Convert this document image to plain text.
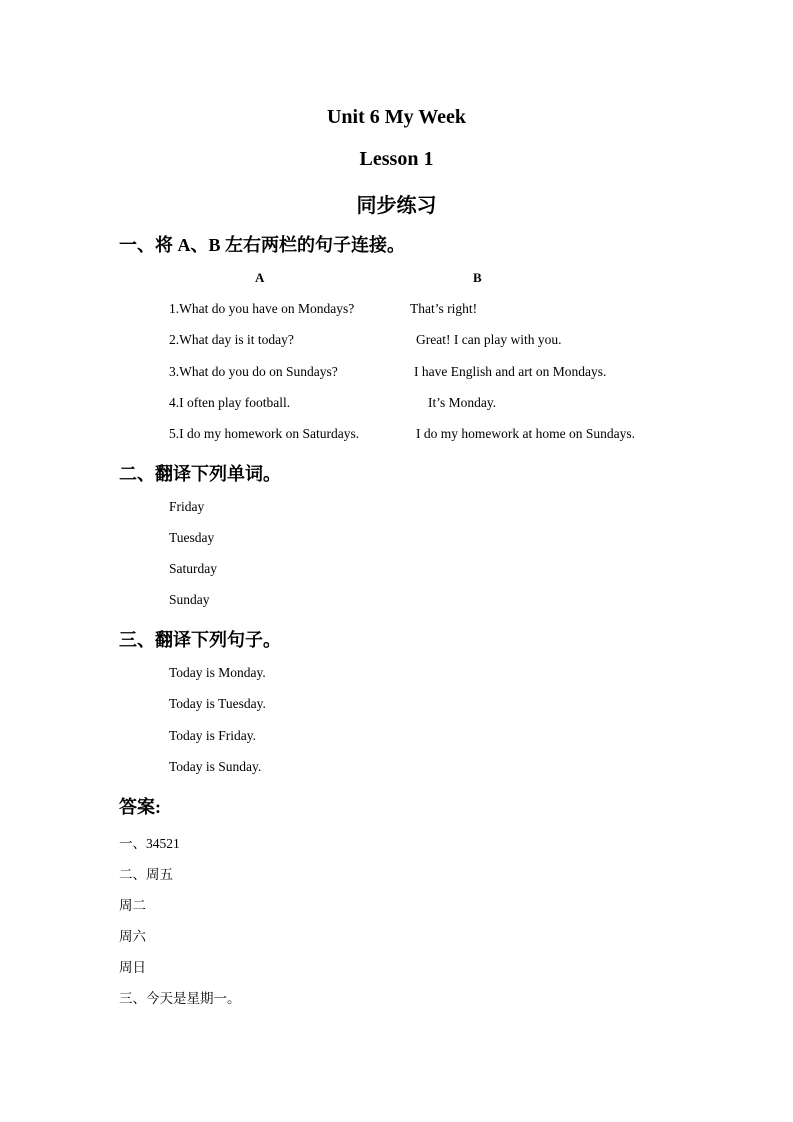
Unit 6 My Week
Lesson 1
同步练习
一、将 A、B 左右两栏的句子连接。
A	B
1.What do you have on Mondays?	That’s right!
2.What day is it today?	Great! I can play with you.
3.What do you do on Sundays?	I have English and art on Mondays.
4.I often play football.	It’s Monday.
5.I do my homework on Saturdays.	I do my homework at home on Sundays.
二、翻译下列单词。
Friday
Tuesday
Saturday
Sunday
三、翻译下列句子。
Today is Monday.
Today is Tuesday.
Today is Friday.
Today is Sunday.
答案:
一、34521
二、周五
周二
周六
周日
三、今天是星期一。
